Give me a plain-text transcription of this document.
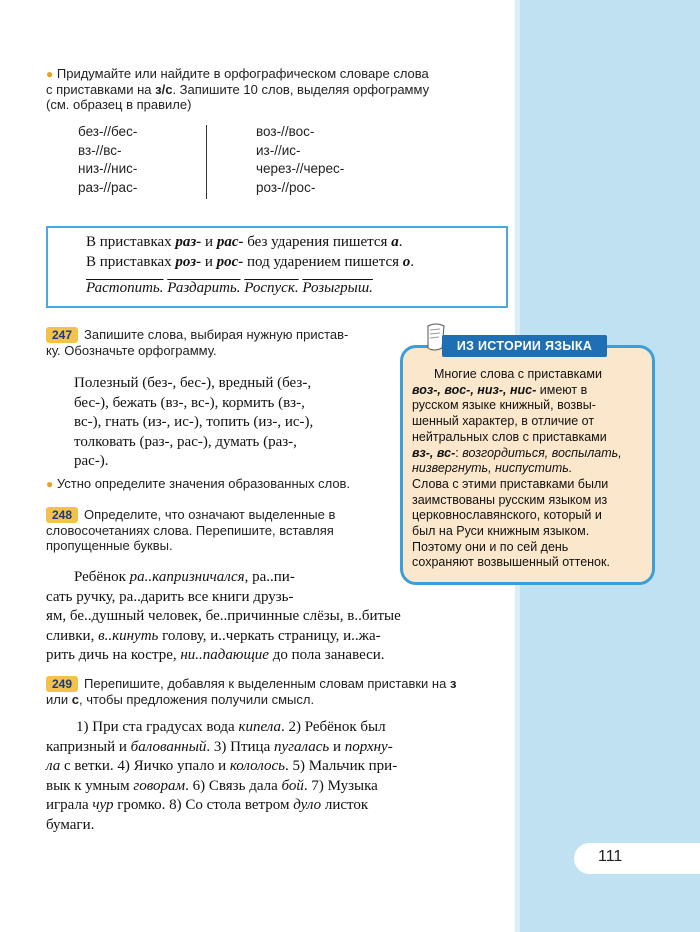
● Придумайте или найдите в орфографическом словаре слова
с приставками на з/с. Запишите 10 слов, выделяя орфограмму
(см. образец в правиле)
без-//бес-
вз-//вс-
низ-//нис-
раз-//рас-
воз-//вос-
из-//ис-
через-//черес-
роз-//рос-
В приставках раз- и рас- без ударения пишется а.
В приставках роз- и рос- под ударением пишется о.
Растопить. Раздарить. Роспуск. Розыгрыш.
247 Запишите слова, выбирая нужную пристав-
ку. Обозначьте орфограмму.
Полезный (без-, бес-), вредный (без-,
бес-), бежать (вз-, вс-), кормить (вз-,
вс-), гнать (из-, ис-), топить (из-, ис-),
толковать (раз-, рас-), думать (раз-,
рас-).
● Устно определите значения образованных слов.
248 Определите, что означают выделенные в
словосочетаниях слова. Перепишите, вставляя
пропущенные буквы.
Ребёнок ра..капризничался, ра..пи-
сать ручку, ра..дарить все книги друзь-
ям, бе..душный человек, бе..причинные слёзы, в..битые
сливки, в..кинуть голову, и..черкать страницу, и..жа-
рить дичь на костре, ни..падающие до пола занавеси.
249 Перепишите, добавляя к выделенным словам приставки на з
или с, чтобы предложения получили смысл.
1) При ста градусах вода кипела. 2) Ребёнок был
капризный и балованный. 3) Птица пугалась и порхну-
ла с ветки. 4) Яичко упало и кололось. 5) Мальчик при-
вык к умным говорам. 6) Связь дала бой. 7) Музыка
играла чур громко. 8) Со стола ветром дуло листок
бумаги.
ИЗ ИСТОРИИ ЯЗЫКА
Многие слова с приставками
воз-, вос-, низ-, нис- имеют в
русском языке книжный, возвы-
шенный характер, в отличие от
нейтральных слов с приставками
вз-, вс-: возгордиться, воспылать,
низвергнуть, ниспустить.
Слова с этими приставками были
заимствованы русским языком из
церковнославянского, который и
был на Руси книжным языком.
Поэтому они и по сей день
сохраняют возвышенный оттенок.
111
